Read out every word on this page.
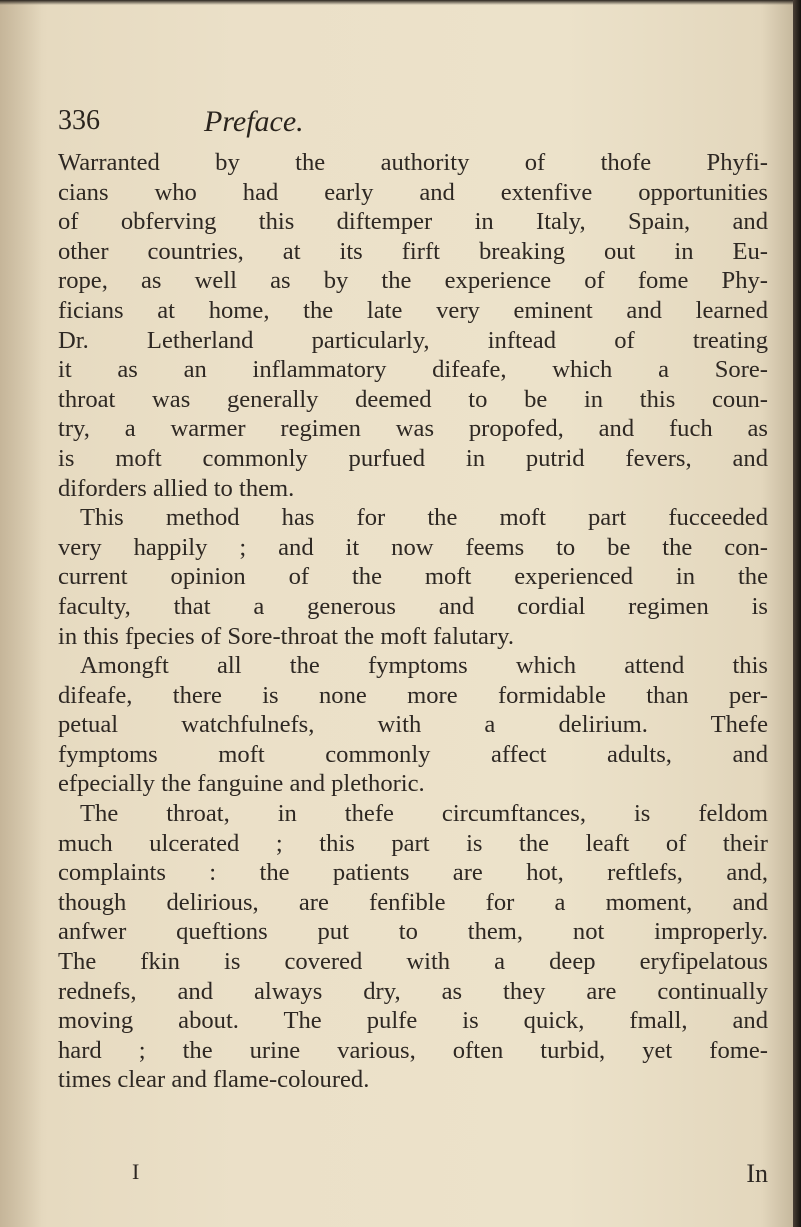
336	Preface.
Warranted by the authority of thofe Phyfi-
cians who had early and extenfive opportunities
of obferving this diftemper in Italy, Spain, and
other countries, at its firft breaking out in Eu-
rope, as well as by the experience of fome Phy-
ficians at home, the late very eminent and learned
Dr. Letherland particularly, inftead of treating
it as an inflammatory difeafe, which a Sore-
throat was generally deemed to be in this coun-
try, a warmer regimen was propofed, and fuch as
is moft commonly purfued in putrid fevers, and
diforders allied to them.
This method has for the moft part fucceeded
very happily ; and it now feems to be the con-
current opinion of the moft experienced in the
faculty, that a generous and cordial regimen is
in this fpecies of Sore-throat the moft falutary.
Amongft all the fymptoms which attend this
difeafe, there is none more formidable than per-
petual watchfulnefs, with a delirium. Thefe
fymptoms moft commonly affect adults, and
efpecially the fanguine and plethoric.
The throat, in thefe circumftances, is feldom
much ulcerated ; this part is the leaft of their
complaints : the patients are hot, reftlefs, and,
though delirious, are fenfible for a moment, and
anfwer queftions put to them, not improperly.
The fkin is covered with a deep eryfipelatous
rednefs, and always dry, as they are continually
moving about. The pulfe is quick, fmall, and
hard ; the urine various, often turbid, yet fome-
times clear and flame-coloured.
I	In
